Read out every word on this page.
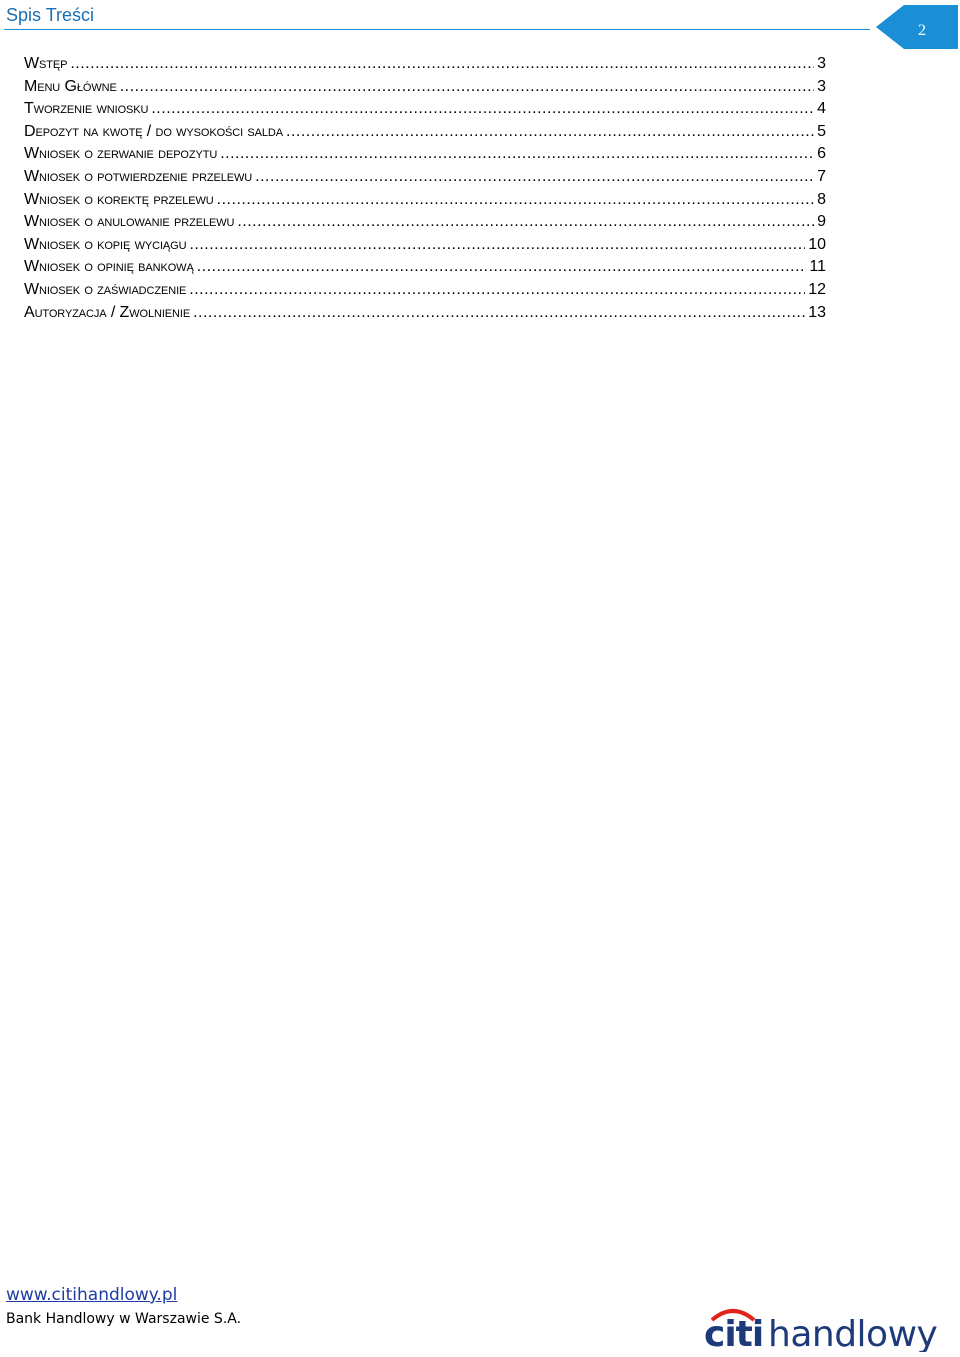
Spis Treści
2
Wstęp .....	3
Menu Główne .....	3
Tworzenie wniosku .....	4
Depozyt na kwotę / do wysokości salda .....	5
Wniosek o zerwanie depozytu .....	6
Wniosek o potwierdzenie przelewu .....	7
Wniosek o korektę przelewu .....	8
Wniosek o anulowanie przelewu .....	9
Wniosek o kopię wyciągu .....	10
Wniosek o opinię bankową .....	11
Wniosek o zaświadczenie .....	12
Autoryzacja / Zwolnienie .....	13
www.citihandlowy.pl
Bank Handlowy w Warszawie S.A.	citi handlowy
